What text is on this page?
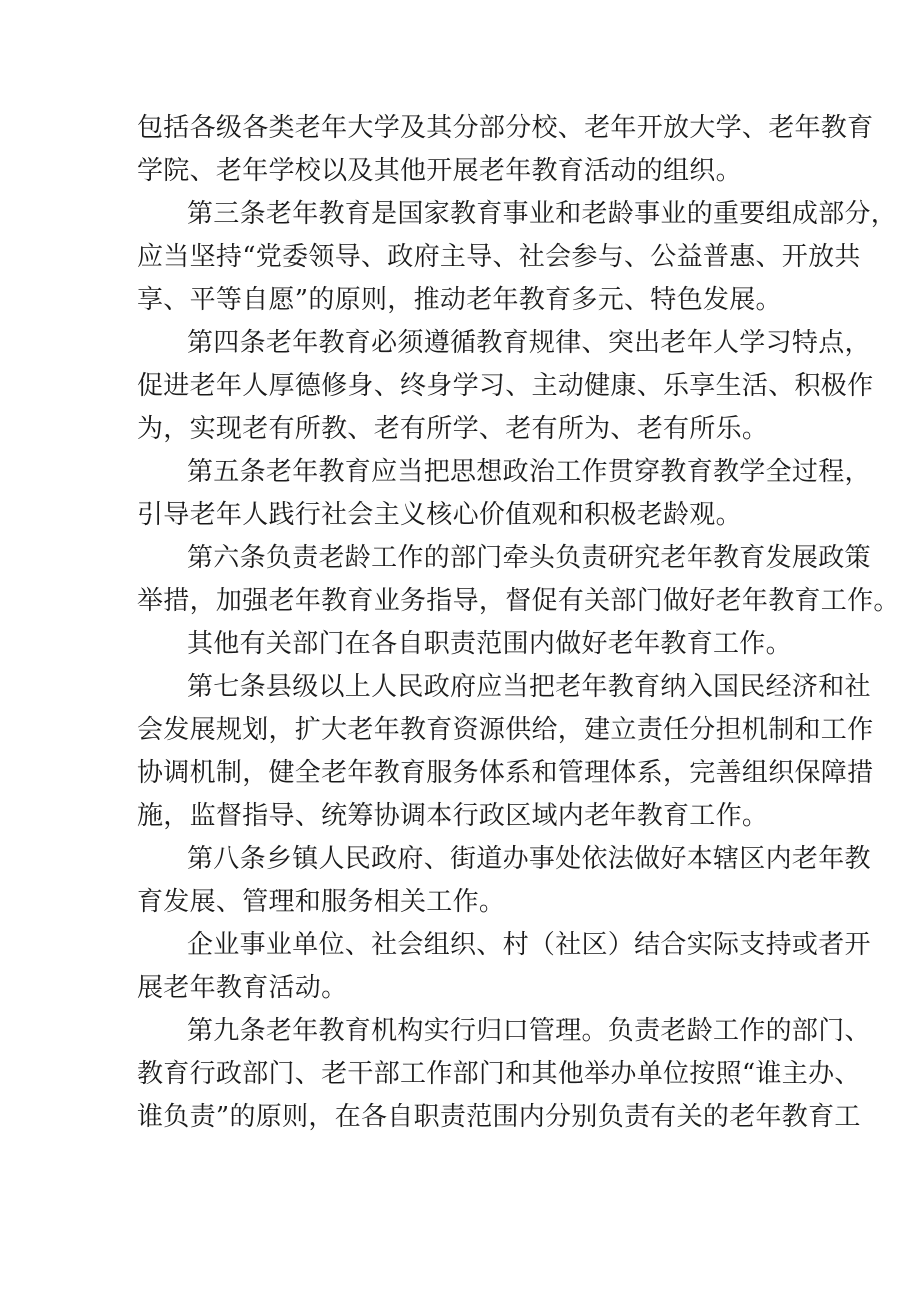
包括各级各类老年大学及其分部分校、老年开放大学、老年教育
学院、老年学校以及其他开展老年教育活动的组织。
第三条老年教育是国家教育事业和老龄事业的重要组成部分，
应当坚持“党委领导、政府主导、社会参与、公益普惠、开放共
享、平等自愿”的原则，推动老年教育多元、特色发展。
第四条老年教育必须遵循教育规律、突出老年人学习特点，
促进老年人厚德修身、终身学习、主动健康、乐享生活、积极作
为，实现老有所教、老有所学、老有所为、老有所乐。
第五条老年教育应当把思想政治工作贯穿教育教学全过程，
引导老年人践行社会主义核心价值观和积极老龄观。
第六条负责老龄工作的部门牵头负责研究老年教育发展政策
举措，加强老年教育业务指导，督促有关部门做好老年教育工作。
其他有关部门在各自职责范围内做好老年教育工作。
第七条县级以上人民政府应当把老年教育纳入国民经济和社
会发展规划，扩大老年教育资源供给，建立责任分担机制和工作
协调机制，健全老年教育服务体系和管理体系，完善组织保障措
施，监督指导、统筹协调本行政区域内老年教育工作。
第八条乡镇人民政府、街道办事处依法做好本辖区内老年教
育发展、管理和服务相关工作。
企业事业单位、社会组织、村（社区）结合实际支持或者开
展老年教育活动。
第九条老年教育机构实行归口管理。负责老龄工作的部门、
教育行政部门、老干部工作部门和其他举办单位按照“谁主办、
谁负责”的原则，在各自职责范围内分别负责有关的老年教育工
